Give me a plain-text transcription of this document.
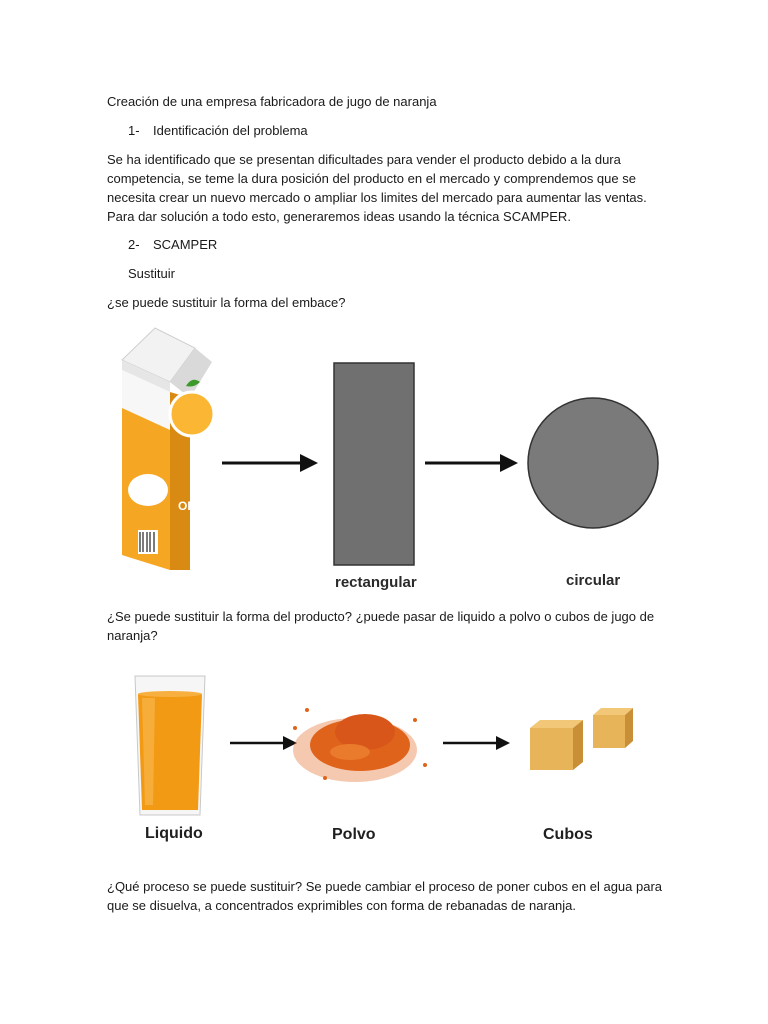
Creación de una empresa fabricadora de jugo de naranja
1- Identificación del problema
Se ha identificado que se presentan dificultades para vender el producto debido a la dura competencia, se teme la dura posición del producto en el mercado y comprendemos que se necesita crear un nuevo mercado o ampliar los limites del mercado para aumentar las ventas. Para dar solución a todo esto, generaremos ideas usando la técnica SCAMPER.
2- SCAMPER
Sustituir
¿se puede sustituir la forma del embace?
ORANGE
rectangular	circular
¿Se puede sustituir la forma del producto? ¿puede pasar de liquido a polvo o cubos de jugo de naranja?
Liquido	Polvo	Cubos
¿Qué proceso se puede sustituir? Se puede cambiar el proceso de poner cubos en el agua para que se disuelva, a concentrados exprimibles con forma de rebanadas de naranja.
